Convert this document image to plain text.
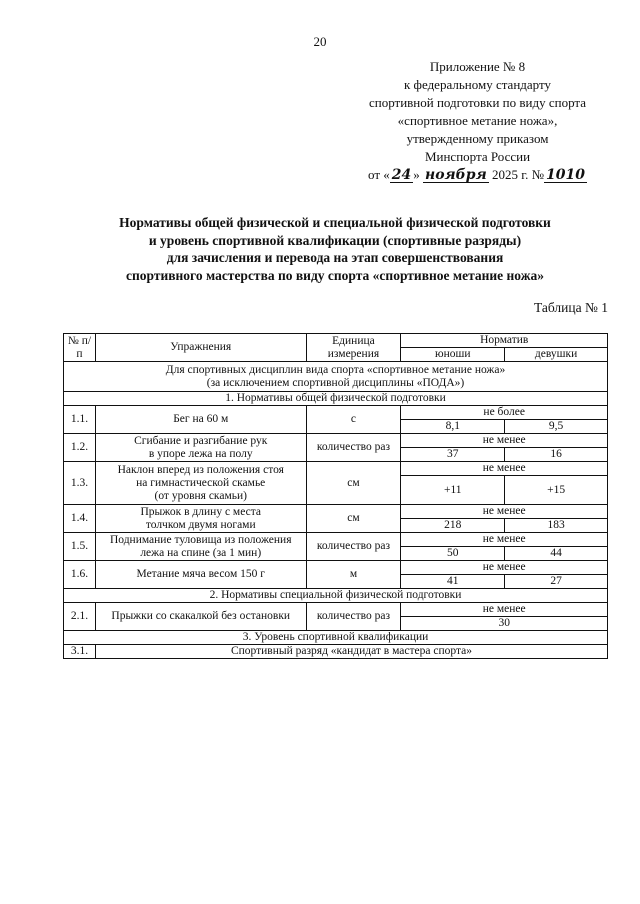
20
Приложение № 8
к федеральному стандарту
спортивной подготовки по виду спорта
«спортивное метание ножа»,
утвержденному приказом
Минспорта России
от « 24 » ноября 2025 г. № 1010
Нормативы общей физической и специальной физической подготовки
и уровень спортивной квалификации (спортивные разряды)
для зачисления и перевода на этап совершенствования
спортивного мастерства по виду спорта «спортивное метание ножа»
Таблица № 1
№ п/п	Упражнения	Единица измерения	Норматив	
			юноши	девушки

Для спортивных дисциплин вида спорта «спортивное метание ножа»
(за исключением спортивной дисциплины «ПОДА»)				

1. Нормативы общей физической подготовки				
1.1.	Бег на 60 м	с	не более	
			8,1	9,5
1.2.	Сгибание и разгибание рук
в упоре лежа на полу	количество раз	не менее	
			37	16
1.3.	Наклон вперед из положения стоя
на гимнастической скамье
(от уровня скамьи)	см	не менее	
			+11	+15
1.4.	Прыжок в длину с места
толчком двумя ногами	см	не менее	
			218	183
1.5.	Поднимание туловища из положения
лежа на спине (за 1 мин)	количество раз	не менее	
			50	44
1.6.	Метание мяча весом 150 г	м	не менее	
			41	27
2. Нормативы специальной физической подготовки				
2.1.	Прыжки со скакалкой без остановки	количество раз	не менее	
			30	
3. Уровень спортивной квалификации				
3.1.	Спортивный разряд «кандидат в мастера спорта»			
